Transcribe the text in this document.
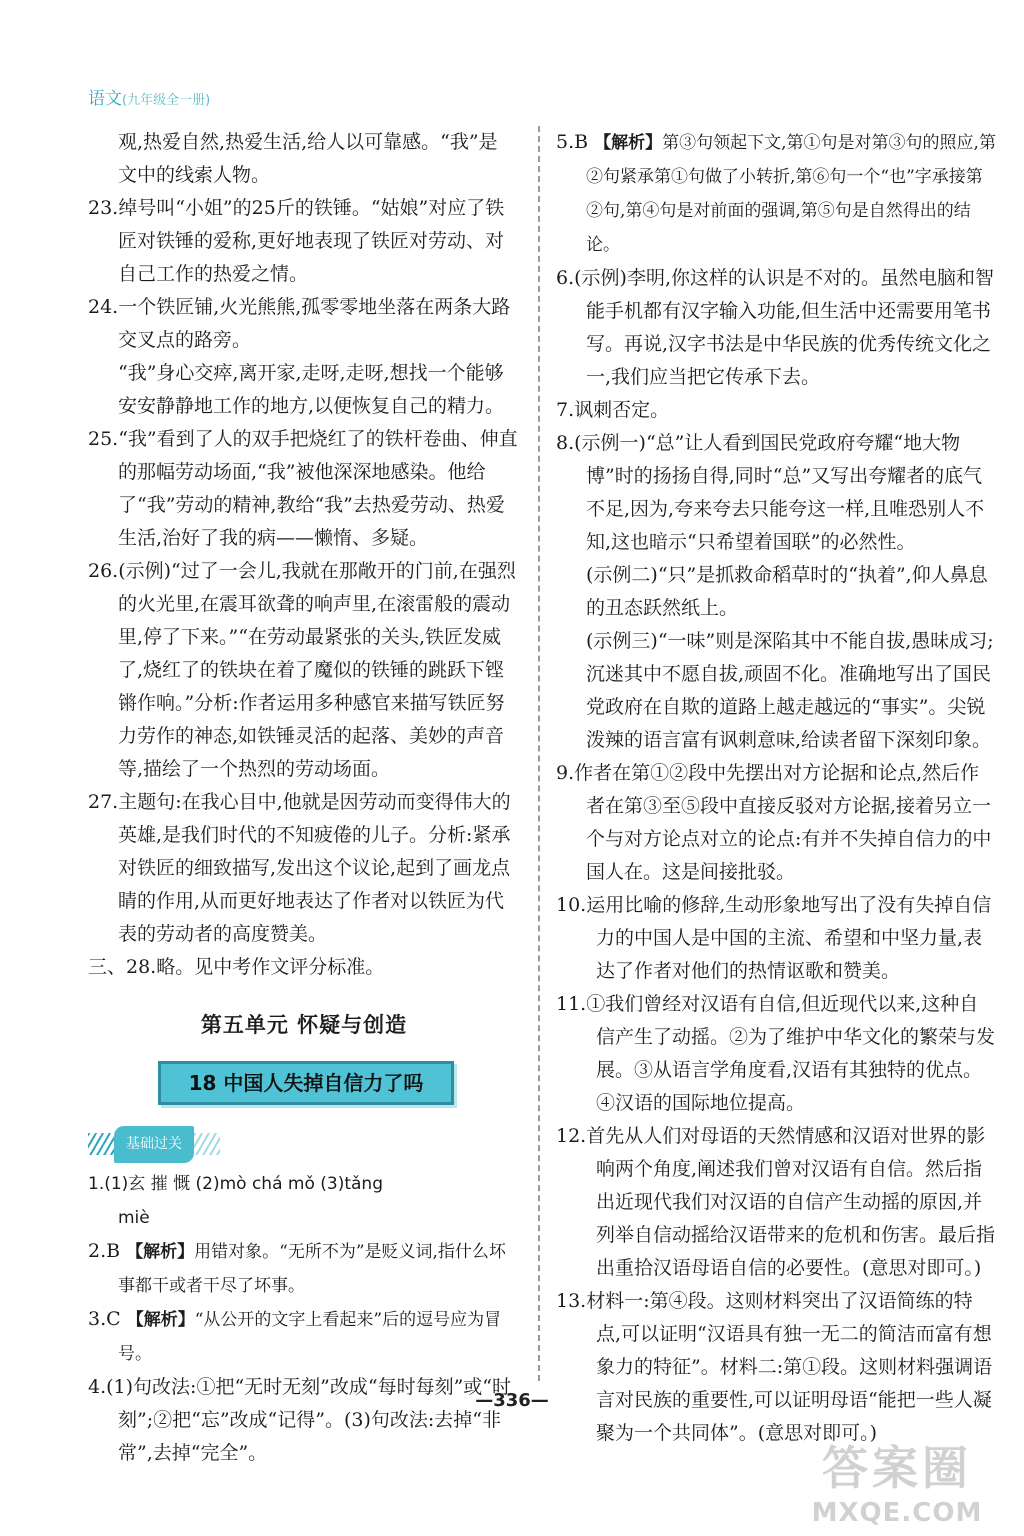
语文(九年级全一册)

观,热爱自然,热爱生活,给人以可靠感。“我”是

文中的线索人物。

23.绰号叫“小姐”的25斤的铁锤。“姑娘”对应了铁匠对铁锤的爱称,更好地表现了铁匠对劳动、对自己工作的热爱之情。

24.一个铁匠铺,火光熊熊,孤零零地坐落在两条大路交叉点的路旁。

“我”身心交瘁,离开家,走呀,走呀,想找一个能够安安静静地工作的地方,以便恢复自己的精力。

25.“我”看到了人的双手把烧红了的铁杆卷曲、伸直的那幅劳动场面,“我”被他深深地感染。他给了“我”劳动的精神,教给“我”去热爱劳动、热爱生活,治好了我的病——懒惰、多疑。

26.(示例)“过了一会儿,我就在那敞开的门前,在强烈的火光里,在震耳欲聋的响声里,在滚雷般的震动里,停了下来。”“在劳动最紧张的关头,铁匠发威了,烧红了的铁块在着了魔似的铁锤的跳跃下铿锵作响。”分析:作者运用多种感官来描写铁匠努力劳作的神态,如铁锤灵活的起落、美妙的声音等,描绘了一个热烈的劳动场面。

27.主题句:在我心目中,他就是因劳动而变得伟大的英雄,是我们时代的不知疲倦的儿子。分析:紧承对铁匠的细致描写,发出这个议论,起到了画龙点睛的作用,从而更好地表达了作者对以铁匠为代表的劳动者的高度赞美。

三、28.略。见中考作文评分标准。

第五单元 怀疑与创造
18 中国人失掉自信力了吗
基础过关

1.(1)玄 摧 慨 (2)mò chá mǒ (3)tǎng

miè

2.B 【解析】用错对象。“无所不为”是贬义词,指什么坏事都干或者干尽了坏事。

3.C 【解析】“从公开的文字上看起来”后的逗号应为冒号。

4.(1)句改法:①把“无时无刻”改成“每时每刻”或“时刻”;②把“忘”改成“记得”。(3)句改法:去掉“非常”,去掉“完全”。

5.B 【解析】第③句领起下文,第①句是对第③句的照应,第②句紧承第①句做了小转折,第⑥句一个“也”字承接第②句,第④句是对前面的强调,第⑤句是自然得出的结论。

6.(示例)李明,你这样的认识是不对的。虽然电脑和智能手机都有汉字输入功能,但生活中还需要用笔书写。再说,汉字书法是中华民族的优秀传统文化之一,我们应当把它传承下去。

7.讽刺否定。

8.(示例一)“总”让人看到国民党政府夸耀“地大物博”时的扬扬自得,同时“总”又写出夸耀者的底气不足,因为,夸来夸去只能夸这一样,且唯恐别人不知,这也暗示“只希望着国联”的必然性。

(示例二)“只”是抓救命稻草时的“执着”,仰人鼻息的丑态跃然纸上。

(示例三)“一味”则是深陷其中不能自拔,愚昧成习;沉迷其中不愿自拔,顽固不化。准确地写出了国民党政府在自欺的道路上越走越远的“事实”。尖锐泼辣的语言富有讽刺意味,给读者留下深刻印象。

9.作者在第①②段中先摆出对方论据和论点,然后作者在第③至⑤段中直接反驳对方论据,接着另立一个与对方论点对立的论点:有并不失掉自信力的中国人在。这是间接批驳。

10.运用比喻的修辞,生动形象地写出了没有失掉自信力的中国人是中国的主流、希望和中坚力量,表达了作者对他们的热情讴歌和赞美。

11.①我们曾经对汉语有自信,但近现代以来,这种自信产生了动摇。②为了维护中华文化的繁荣与发展。③从语言学角度看,汉语有其独特的优点。④汉语的国际地位提高。

12.首先从人们对母语的天然情感和汉语对世界的影响两个角度,阐述我们曾对汉语有自信。然后指出近现代我们对汉语的自信产生动摇的原因,并列举自信动摇给汉语带来的危机和伤害。最后指出重拾汉语母语自信的必要性。(意思对即可。)

13.材料一:第④段。这则材料突出了汉语简练的特点,可以证明“汉语具有独一无二的简洁而富有想象力的特征”。材料二:第①段。这则材料强调语言对民族的重要性,可以证明母语“能把一些人凝聚为一个共同体”。(意思对即可。)

—336—
答案圈
MXQE.COM
